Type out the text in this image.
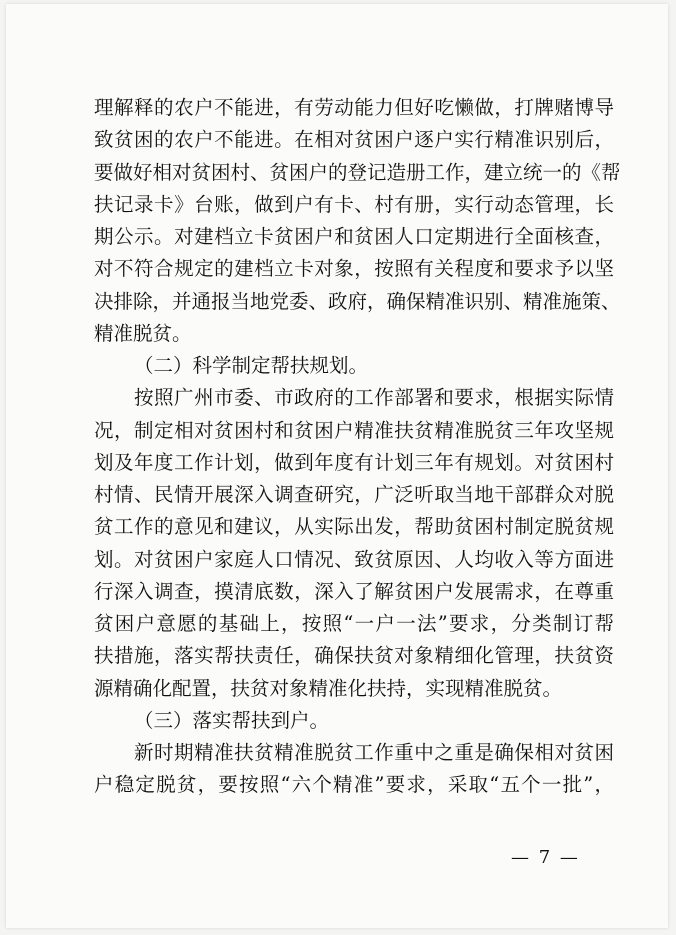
理解释的农户不能进，有劳动能力但好吃懒做，打牌赌博导
致贫困的农户不能进。在相对贫困户逐户实行精准识别后，
要做好相对贫困村、贫困户的登记造册工作，建立统一的《帮
扶记录卡》台账，做到户有卡、村有册，实行动态管理，长
期公示。对建档立卡贫困户和贫困人口定期进行全面核查，
对不符合规定的建档立卡对象，按照有关程度和要求予以坚
决排除，并通报当地党委、政府，确保精准识别、精准施策、
精准脱贫。
（二）科学制定帮扶规划。
按照广州市委、市政府的工作部署和要求，根据实际情
况，制定相对贫困村和贫困户精准扶贫精准脱贫三年攻坚规
划及年度工作计划，做到年度有计划三年有规划。对贫困村
村情、民情开展深入调查研究，广泛听取当地干部群众对脱
贫工作的意见和建议，从实际出发，帮助贫困村制定脱贫规
划。对贫困户家庭人口情况、致贫原因、人均收入等方面进
行深入调查，摸清底数，深入了解贫困户发展需求，在尊重
贫困户意愿的基础上，按照“一户一法”要求，分类制订帮
扶措施，落实帮扶责任，确保扶贫对象精细化管理，扶贫资
源精确化配置，扶贫对象精准化扶持，实现精准脱贫。
（三）落实帮扶到户。
新时期精准扶贫精准脱贫工作重中之重是确保相对贫困
户稳定脱贫，要按照“六个精准”要求，采取“五个一批”，
— 7 —
